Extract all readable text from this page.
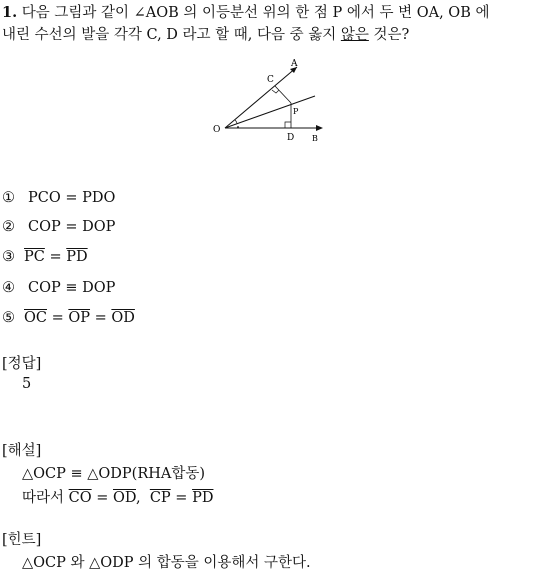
1. 다음 그림과 같이 ∠AOB 의 이등분선 위의 한 점 P 에서 두 변 OA, OB 에
내린 수선의 발을 각각 C, D 라고 할 때, 다음 중 옳지 않은 것은?
O
A
B
C
D
P
① PCO = PDO
② COP = DOP
③ $\overline{PC} = \overline{PD}$
④ COP ≡ DOP
⑤ $\overline{OC} = \overline{OP} = \overline{OD}$
[정답]
5
[해설]
△OCP ≡ △ODP(RHA합동)
따라서 $\overline{CO} = \overline{OD}$,  $\overline{CP} = \overline{PD}$
[힌트]
△OCP 와 △ODP 의 합동을 이용해서 구한다.
